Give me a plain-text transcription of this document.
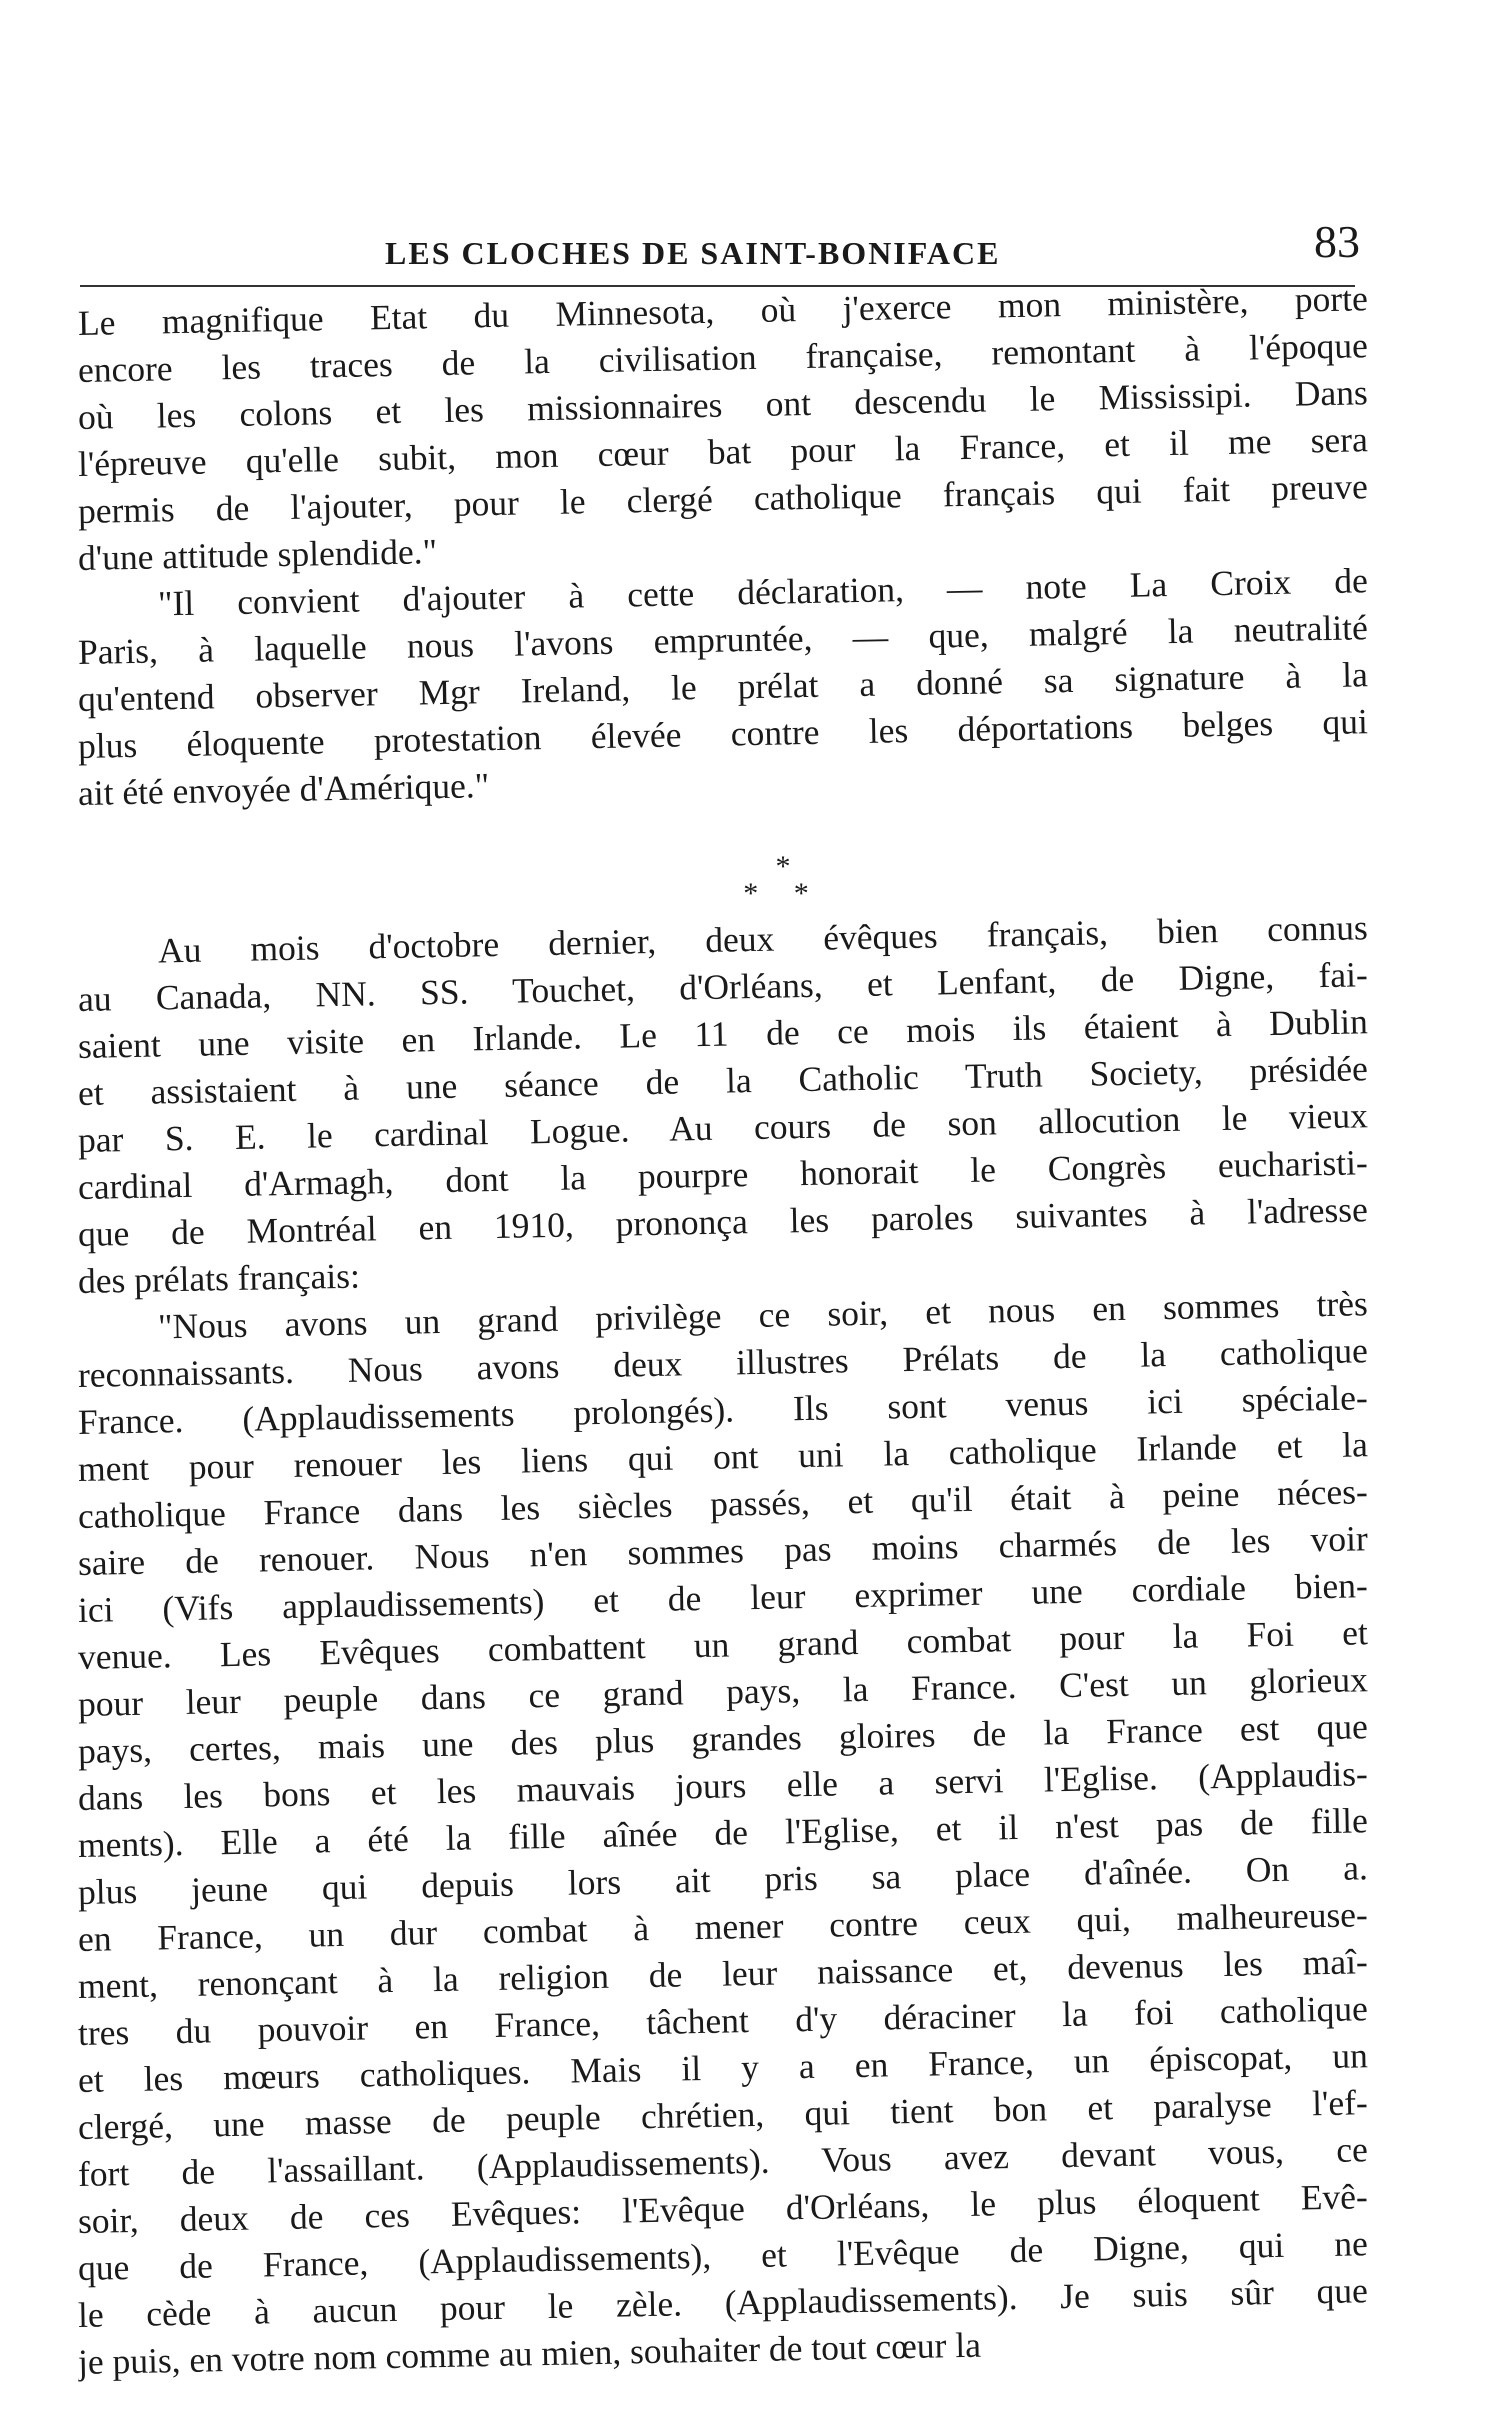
LES CLOCHES DE SAINT-BONIFACE	83
Le magnifique Etat du Minnesota, où j'exerce mon ministère, porte
encore les traces de la civilisation française, remontant à l'époque
où les colons et les missionnaires ont descendu le Mississipi. Dans
l'épreuve qu'elle subit, mon cœur bat pour la France, et il me sera
permis de l'ajouter, pour le clergé catholique français qui fait preuve
d'une attitude splendide."
"Il convient d'ajouter à cette déclaration, — note La Croix de
Paris, à laquelle nous l'avons empruntée, — que, malgré la neutralité
qu'entend observer Mgr Ireland, le prélat a donné sa signature à la
plus éloquente protestation élevée contre les déportations belges qui
ait été envoyée d'Amérique."
*
* *
Au mois d'octobre dernier, deux évêques français, bien connus
au Canada, NN. SS. Touchet, d'Orléans, et Lenfant, de Digne, fai-
saient une visite en Irlande. Le 11 de ce mois ils étaient à Dublin
et assistaient à une séance de la Catholic Truth Society, présidée
par S. E. le cardinal Logue. Au cours de son allocution le vieux
cardinal d'Armagh, dont la pourpre honorait le Congrès eucharisti-
que de Montréal en 1910, prononça les paroles suivantes à l'adresse
des prélats français:
"Nous avons un grand privilège ce soir, et nous en sommes très
reconnaissants. Nous avons deux illustres Prélats de la catholique
France. (Applaudissements prolongés). Ils sont venus ici spéciale-
ment pour renouer les liens qui ont uni la catholique Irlande et la
catholique France dans les siècles passés, et qu'il était à peine néces-
saire de renouer. Nous n'en sommes pas moins charmés de les voir
ici (Vifs applaudissements) et de leur exprimer une cordiale bien-
venue. Les Evêques combattent un grand combat pour la Foi et
pour leur peuple dans ce grand pays, la France. C'est un glorieux
pays, certes, mais une des plus grandes gloires de la France est que
dans les bons et les mauvais jours elle a servi l'Eglise. (Applaudis-
ments). Elle a été la fille aînée de l'Eglise, et il n'est pas de fille
plus jeune qui depuis lors ait pris sa place d'aînée. On a.
en France, un dur combat à mener contre ceux qui, malheureuse-
ment, renonçant à la religion de leur naissance et, devenus les maî-
tres du pouvoir en France, tâchent d'y déraciner la foi catholique
et les mœurs catholiques. Mais il y a en France, un épiscopat, un
clergé, une masse de peuple chrétien, qui tient bon et paralyse l'ef-
fort de l'assaillant. (Applaudissements). Vous avez devant vous, ce
soir, deux de ces Evêques: l'Evêque d'Orléans, le plus éloquent Evê-
que de France, (Applaudissements), et l'Evêque de Digne, qui ne
le cède à aucun pour le zèle. (Applaudissements). Je suis sûr que
je puis, en votre nom comme au mien, souhaiter de tout cœur la
